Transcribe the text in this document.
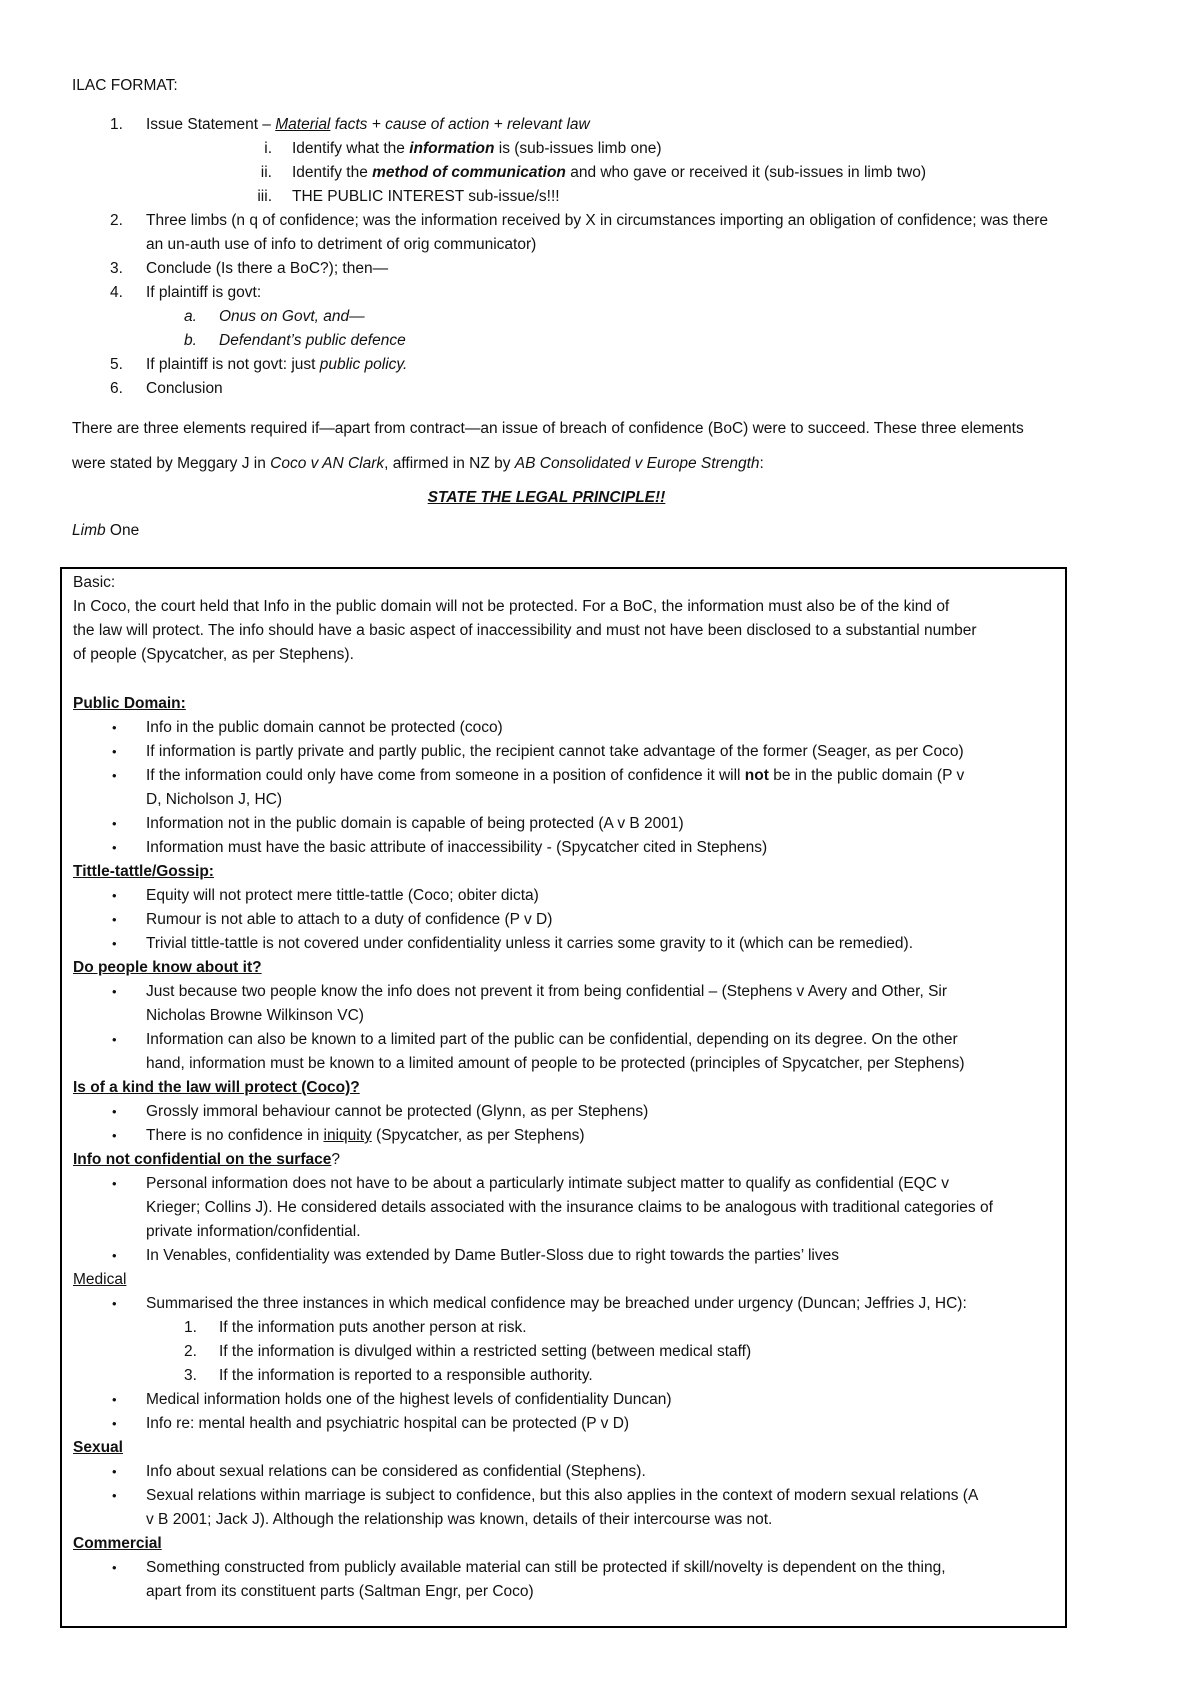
ILAC FORMAT:
1. Issue Statement – Material facts + cause of action + relevant law
i. Identify what the information is (sub-issues limb one)
ii. Identify the method of communication and who gave or received it (sub-issues in limb two)
iii. THE PUBLIC INTEREST sub-issue/s!!!
2. Three limbs (n q of confidence; was the information received by X in circumstances importing an obligation of confidence; was there
an un-auth use of info to detriment of orig communicator)
3. Conclude (Is there a BoC?); then—
4. If plaintiff is govt:
a. Onus on Govt, and—
b. Defendant’s public defence
5. If plaintiff is not govt: just public policy.
6. Conclusion
There are three elements required if—apart from contract—an issue of breach of confidence (BoC) were to succeed. These three elements
were stated by Meggary J in Coco v AN Clark, affirmed in NZ by AB Consolidated v Europe Strength:
STATE THE LEGAL PRINCIPLE!!
Limb One
Basic:
In Coco, the court held that Info in the public domain will not be protected. For a BoC, the information must also be of the kind of
the law will protect. The info should have a basic aspect of inaccessibility and must not have been disclosed to a substantial number
of people (Spycatcher, as per Stephens).
Public Domain:
• Info in the public domain cannot be protected (coco)
• If information is partly private and partly public, the recipient cannot take advantage of the former (Seager, as per Coco)
• If the information could only have come from someone in a position of confidence it will not be in the public domain (P v
D, Nicholson J, HC)
• Information not in the public domain is capable of being protected (A v B 2001)
• Information must have the basic attribute of inaccessibility - (Spycatcher cited in Stephens)
Tittle-tattle/Gossip:
• Equity will not protect mere tittle-tattle (Coco; obiter dicta)
• Rumour is not able to attach to a duty of confidence (P v D)
• Trivial tittle-tattle is not covered under confidentiality unless it carries some gravity to it (which can be remedied).
Do people know about it?
• Just because two people know the info does not prevent it from being confidential – (Stephens v Avery and Other, Sir
Nicholas Browne Wilkinson VC)
• Information can also be known to a limited part of the public can be confidential, depending on its degree. On the other
hand, information must be known to a limited amount of people to be protected (principles of Spycatcher, per Stephens)
Is of a kind the law will protect (Coco)?
• Grossly immoral behaviour cannot be protected (Glynn, as per Stephens)
• There is no confidence in iniquity (Spycatcher, as per Stephens)
Info not confidential on the surface?
• Personal information does not have to be about a particularly intimate subject matter to qualify as confidential (EQC v
Krieger; Collins J). He considered details associated with the insurance claims to be analogous with traditional categories of
private information/confidential.
• In Venables, confidentiality was extended by Dame Butler-Sloss due to right towards the parties’ lives
Medical
• Summarised the three instances in which medical confidence may be breached under urgency (Duncan; Jeffries J, HC):
1. If the information puts another person at risk.
2. If the information is divulged within a restricted setting (between medical staff)
3. If the information is reported to a responsible authority.
• Medical information holds one of the highest levels of confidentiality Duncan)
• Info re: mental health and psychiatric hospital can be protected (P v D)
Sexual
• Info about sexual relations can be considered as confidential (Stephens).
• Sexual relations within marriage is subject to confidence, but this also applies in the context of modern sexual relations (A
v B 2001; Jack J). Although the relationship was known, details of their intercourse was not.
Commercial
• Something constructed from publicly available material can still be protected if skill/novelty is dependent on the thing,
apart from its constituent parts (Saltman Engr, per Coco)
